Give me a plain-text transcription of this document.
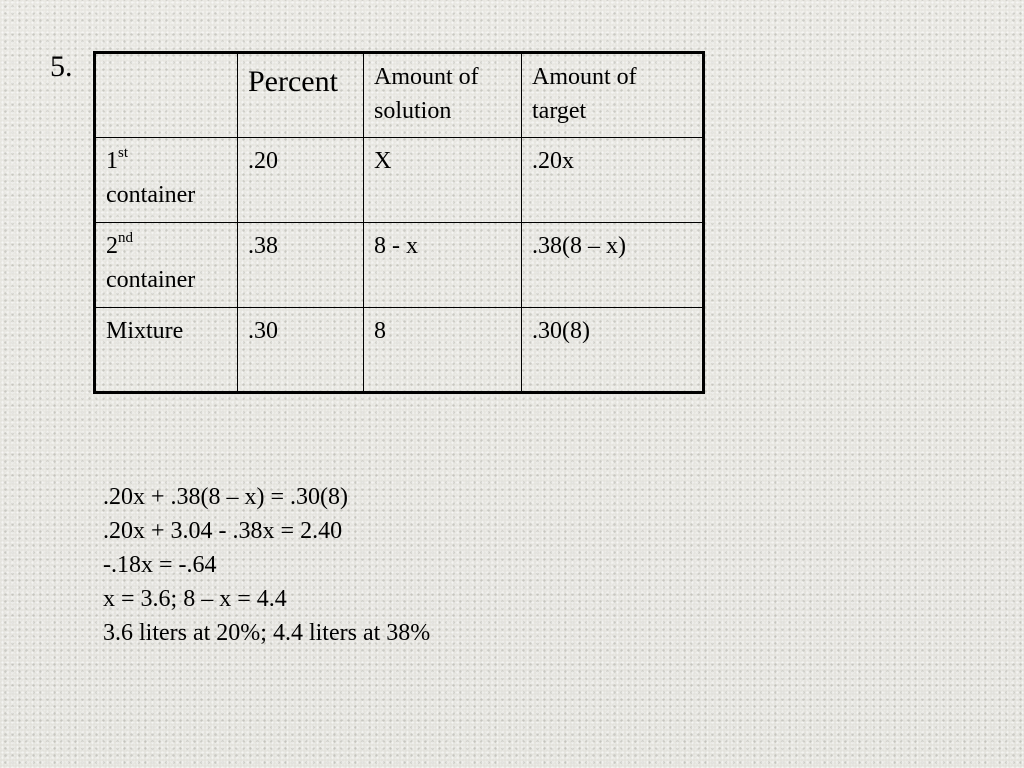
5.
		Percent	Amount of solution	Amount of target
1st
container	.20	X	.20x
2nd
container	.38	8 - x	.38(8 – x)
Mixture	.30	8	.30(8)
.20x + .38(8 – x) = .30(8)
.20x + 3.04 - .38x = 2.40
-.18x = -.64
x = 3.6; 8 – x = 4.4
3.6 liters at 20%; 4.4 liters at 38%
